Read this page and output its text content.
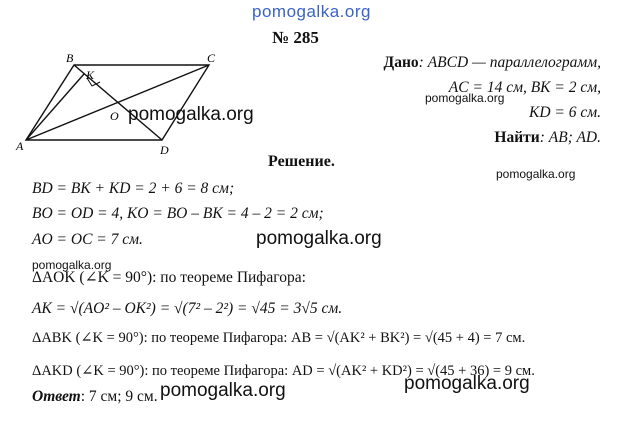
pomogalka.org
№ 285
A
B	C
D
K
O
Дано: ABCD — параллелограмм,
AC = 14 см, BK = 2 см,
KD = 6 см.
Найти: AB; AD.
pomogalka.org
pomogalka.org
pomogalka.org
pomogalka.org
pomogalka.org
pomogalka.org	pomogalka.org
Решение.
BD = BK + KD = 2 + 6 = 8 см;
BO = OD = 4, KO = BO – BK = 4 – 2 = 2 см;
AO = OC = 7 см.
ΔAOK (∠K = 90°): по теореме Пифагора:
AK = √(AO² – OK²) = √(7² – 2²) = √45 = 3√5 см.
ΔABK (∠K = 90°): по теореме Пифагора: AB = √(AK² + BK²) = √(45 + 4) = 7 см.
ΔAKD (∠K = 90°): по теореме Пифагора: AD = √(AK² + KD²) = √(45 + 36) = 9 см.
Ответ: 7 см; 9 см.
